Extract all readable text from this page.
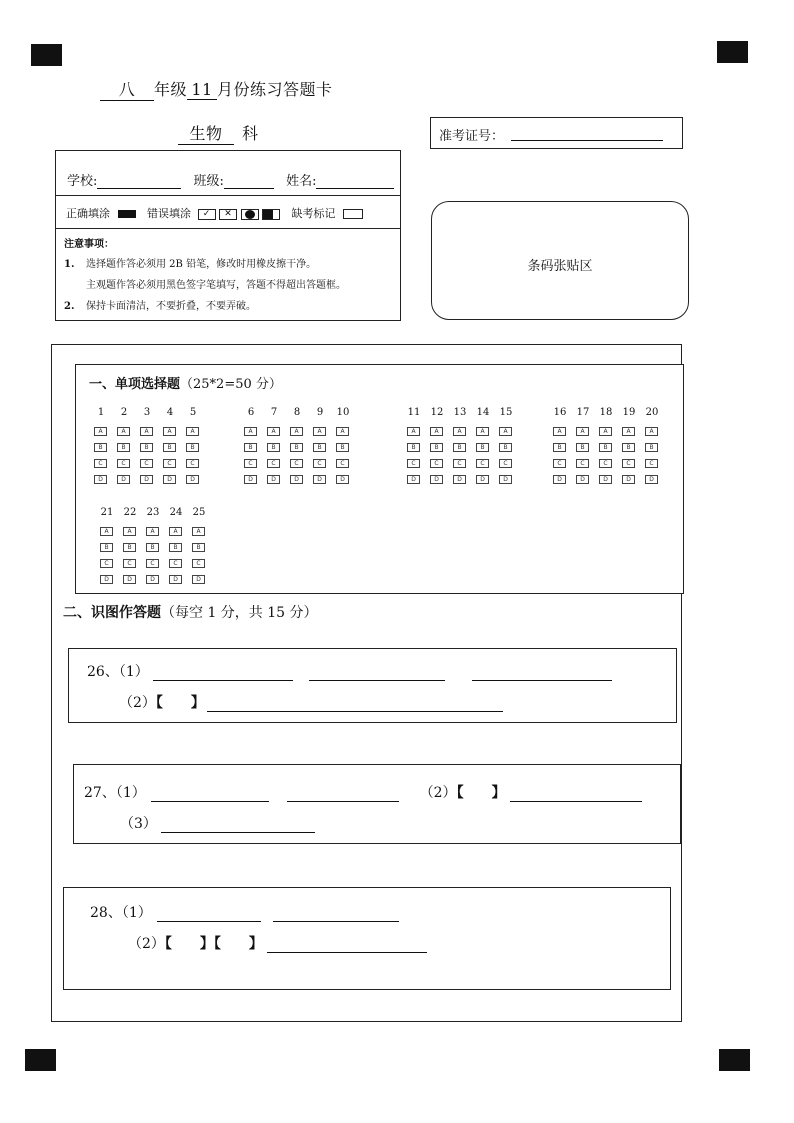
八 年级 11 月份练习答题卡
生物 科	准考证号：
学校:	班级:	姓名:
正确填涂	错误填涂 ✓ ✕
	缺考标记
注意事项：
1. 选择题作答必须用 2B 铅笔，修改时用橡皮擦干净。
主观题作答必须用黑色签字笔填写，答题不得超出答题框。
2. 保持卡面清洁，不要折叠，不要弄破。
条码张贴区
一、单项选择题（25*2=50 分）
1
A
B
C
D
2
A
B
C
D
3
A
B
C
D
4
A
B
C
D
5
A
B
C
D
6
A
B
C
D
7
A
B
C
D
8
A
B
C
D
9
A
B
C
D
10
A
B
C
D
11
A
B
C
D
12
A
B
C
D
13
A
B
C
D
14
A
B
C
D
15
A
B
C
D
16
A
B
C
D
17
A
B
C
D
18
A
B
C
D
19
A
B
C
D
20
A
B
C
D
21
A
B
C
D
22
A
B
C
D
23
A
B
C
D
24
A
B
C
D
25
A
B
C
D
二、识图作答题（每空 1 分，共 15 分）
26、（1）
（2）【 】
27、（1）	（2）【 】
（3）
28、（1）
（2）【 】【 】
